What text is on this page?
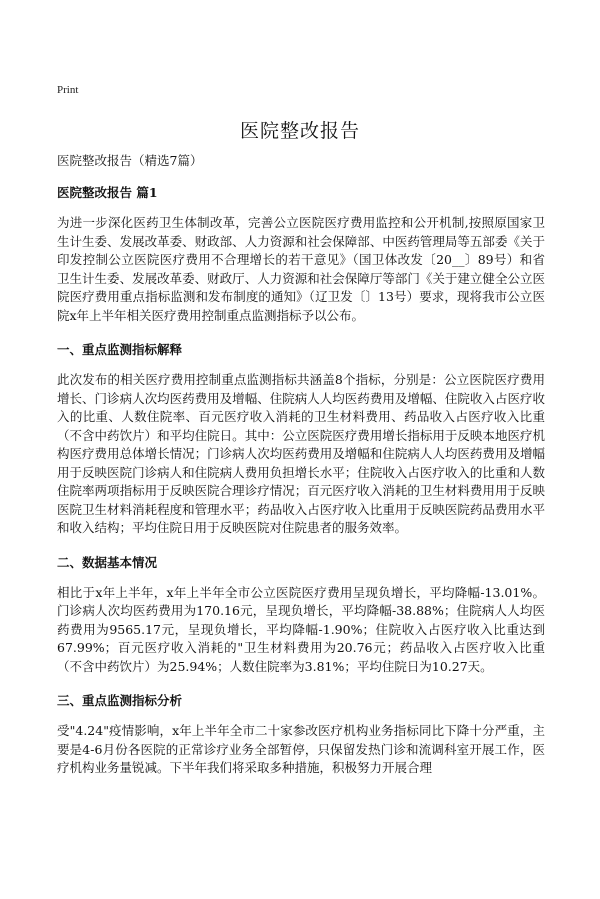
Print
医院整改报告

医院整改报告（精选7篇）

医院整改报告 篇1

为进一步深化医药卫生体制改革，完善公立医院医疗费用监控和公开机制,按照原国家卫生计生委、发展改革委、财政部、人力资源和社会保障部、中医药管理局等五部委《关于印发控制公立医院医疗费用不合理增长的若干意见》（国卫体改发〔20__〕89号）和省卫生计生委、发展改革委、财政厅、人力资源和社会保障厅等部门《关于建立健全公立医院医疗费用重点指标监测和发布制度的通知》（辽卫发〔〕13号）要求，现将我市公立医院x年上半年相关医疗费用控制重点监测指标予以公布。

一、重点监测指标解释

此次发布的相关医疗费用控制重点监测指标共涵盖8个指标，分别是：公立医院医疗费用增长、门诊病人次均医药费用及增幅、住院病人人均医药费用及增幅、住院收入占医疗收入的比重、人数住院率、百元医疗收入消耗的卫生材料费用、药品收入占医疗收入比重（不含中药饮片）和平均住院日。其中：公立医院医疗费用增长指标用于反映本地医疗机构医疗费用总体增长情况；门诊病人次均医药费用及增幅和住院病人人均医药费用及增幅用于反映医院门诊病人和住院病人费用负担增长水平；住院收入占医疗收入的比重和人数住院率两项指标用于反映医院合理诊疗情况；百元医疗收入消耗的卫生材料费用用于反映医院卫生材料消耗程度和管理水平；药品收入占医疗收入比重用于反映医院药品费用水平和收入结构；平均住院日用于反映医院对住院患者的服务效率。

二、数据基本情况

相比于x年上半年，x年上半年全市公立医院医疗费用呈现负增长，平均降幅-13.01%。门诊病人次均医药费用为170.16元，呈现负增长，平均降幅-38.88%；住院病人人均医药费用为9565.17元，呈现负增长，平均降幅-1.90%；住院收入占医疗收入比重达到67.99%；百元医疗收入消耗的"卫生材料费用为20.76元；药品收入占医疗收入比重（不含中药饮片）为25.94%；人数住院率为3.81%；平均住院日为10.27天。

三、重点监测指标分析

受"4.24"疫情影响，x年上半年全市二十家参改医疗机构业务指标同比下降十分严重，主要是4-6月份各医院的正常诊疗业务全部暂停，只保留发热门诊和流调科室开展工作，医疗机构业务量锐减。下半年我们将采取多种措施，积极努力开展合理
